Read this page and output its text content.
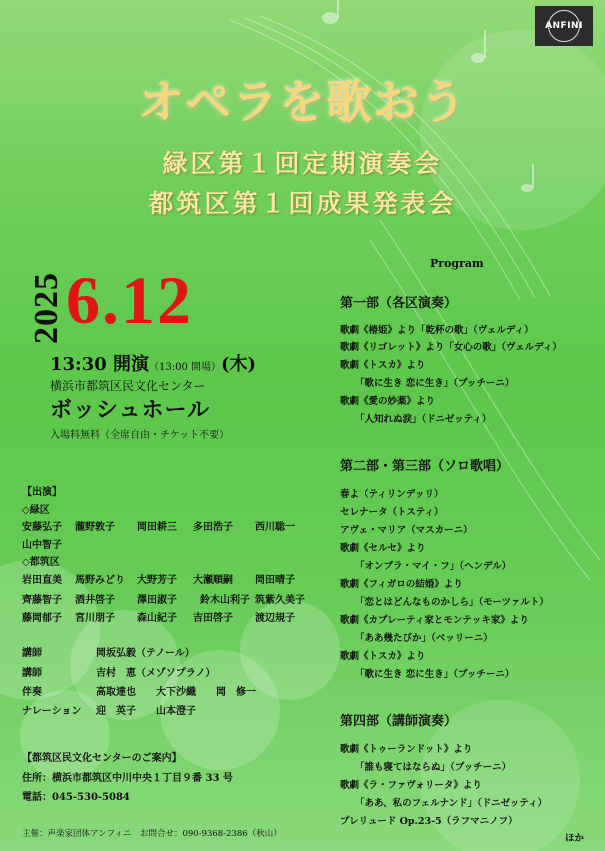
ANFINI
オペラを歌おう
緑区第１回定期演奏会
都筑区第１回成果発表会
2025 6.12
13:30 開演（13:00 開場）(木)
横浜市都筑区民文化センター
ボッシュホール
入場料無料（全席自由・チケット不要）
【出演】
◇緑区
安藤弘子 瀧野敦子 岡田耕三 多田浩子 西川聡一
山中智子
◇都筑区
岩田直美 馬野みどり 大野芳子 大瀬順嗣 岡田晴子
齊藤智子 酒井啓子 澤田淑子 鈴木山利子 筑紫久美子
藤岡郁子 宮川朋子 森山紀子 吉田啓子 渡辺規子
講師	岡坂弘毅（テノール）
講師	吉村　恵（メゾソプラノ）
伴奏	高取達也　　大下沙織　　岡　修一
ナレーション 迎　英子　　山本澄子
【都筑区民文化センターのご案内】
住所：横浜市都筑区中川中央１丁目９番 33 号
電話：045-530-5084
主催：声楽家団体アンフィニ　お問合せ：090-9368-2386（秋山）
Program
第一部（各区演奏）
歌劇《椿姫》より「乾杯の歌」（ヴェルディ）
歌劇《リゴレット》より「女心の歌」（ヴェルディ）
歌劇《トスカ》より
「歌に生き 恋に生き」（プッチーニ）
歌劇《愛の妙薬》より
「人知れぬ涙」（ドニゼッティ）
第二部・第三部（ソロ歌唱）
春よ（ティリンデッリ）
セレナータ（トスティ）
アヴェ・マリア（マスカーニ）
歌劇《セルセ》より
「オンブラ・マイ・フ」（ヘンデル）
歌劇《フィガロの結婚》より
「恋とはどんなものかしら」（モーツァルト）
歌劇《カプレーティ家とモンテッキ家》より
「ああ幾たびか」（ベッリーニ）
歌劇《トスカ》より
「歌に生き 恋に生き」（プッチーニ）
第四部（講師演奏）
歌劇《トゥーランドット》より
「誰も寝てはならぬ」（プッチーニ）
歌劇《ラ・ファヴォリータ》より
「ああ、私のフェルナンド」（ドニゼッティ）
プレリュード Op.23-5（ラフマニノフ）
ほか
